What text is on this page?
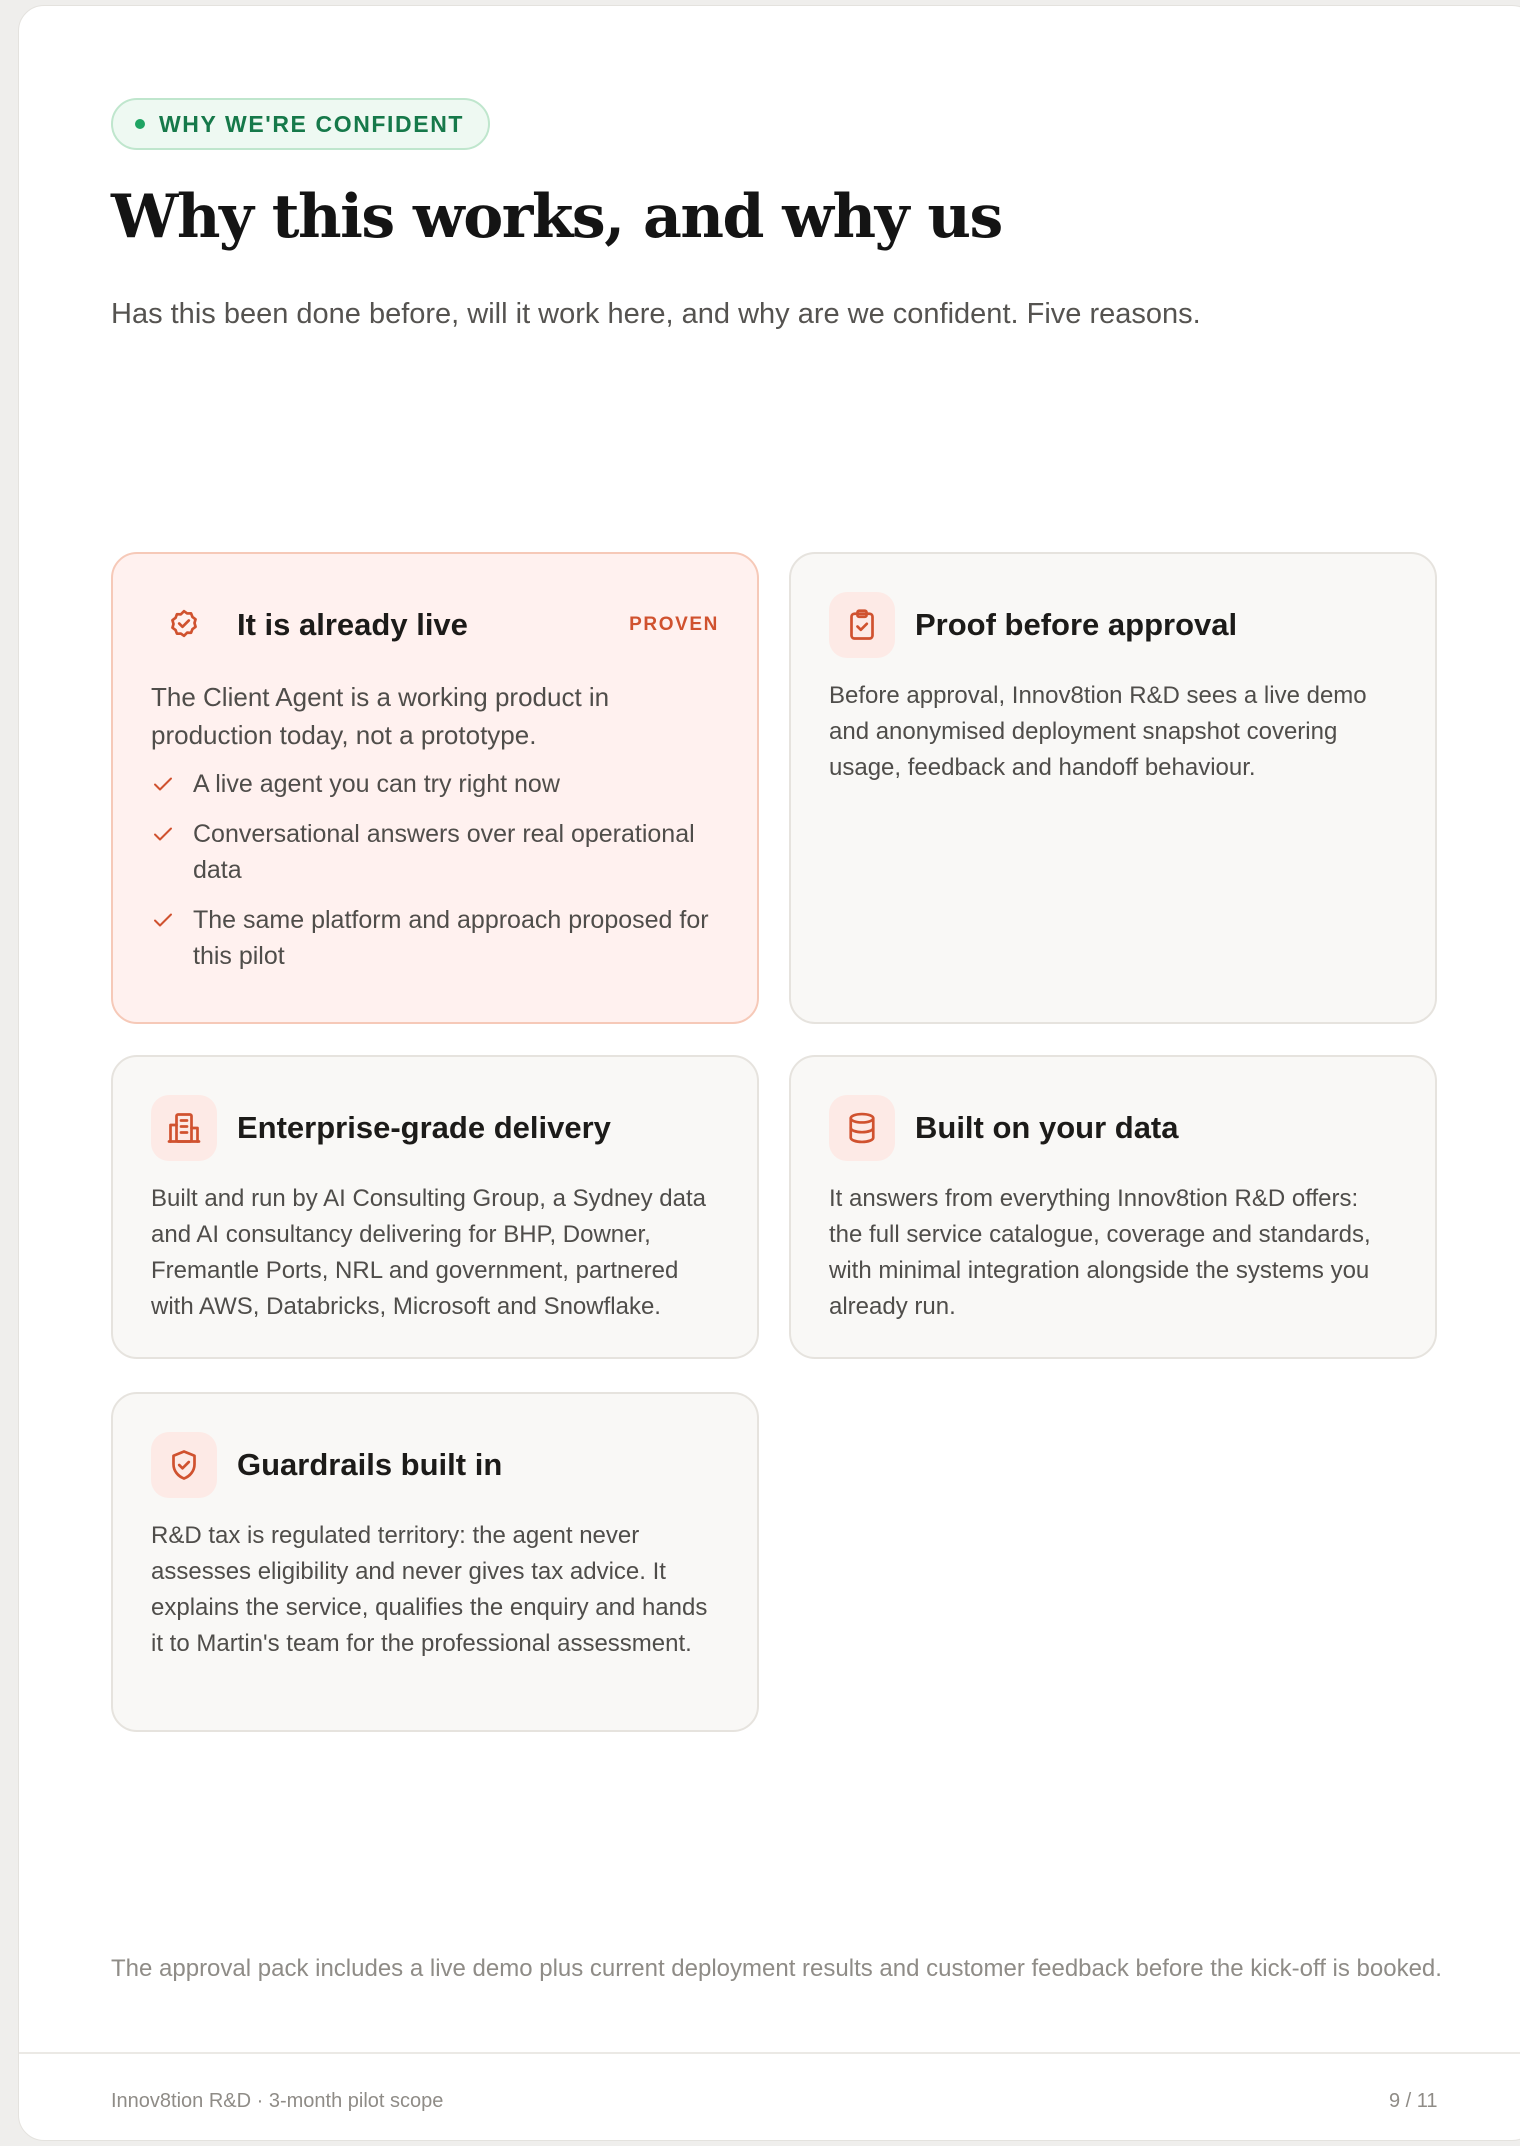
WHY WE'RE CONFIDENT
Why this works, and why us

Has this been done before, will it work here, and why are we confident. Five reasons.

It is already live	PROVEN

The Client Agent is a working product in production today, not a prototype.

A live agent you can try right now
Conversational answers over real operational data
The same platform and approach proposed for this pilot
Proof before approval

Before approval, Innov8tion R&D sees a live demo and anonymised deployment snapshot covering usage, feedback and handoff behaviour.

Enterprise-grade delivery

Built and run by AI Consulting Group, a Sydney data and AI consultancy delivering for BHP, Downer, Fremantle Ports, NRL and government, partnered with AWS, Databricks, Microsoft and Snowflake.

Built on your data

It answers from everything Innov8tion R&D offers: the full service catalogue, coverage and standards, with minimal integration alongside the systems you already run.

Guardrails built in

R&D tax is regulated territory: the agent never assesses eligibility and never gives tax advice. It explains the service, qualifies the enquiry and hands it to Martin's team for the professional assessment.

The approval pack includes a live demo plus current deployment results and customer feedback before the kick-off is booked.

Innov8tion R&D · 3-month pilot scope	9 / 11
